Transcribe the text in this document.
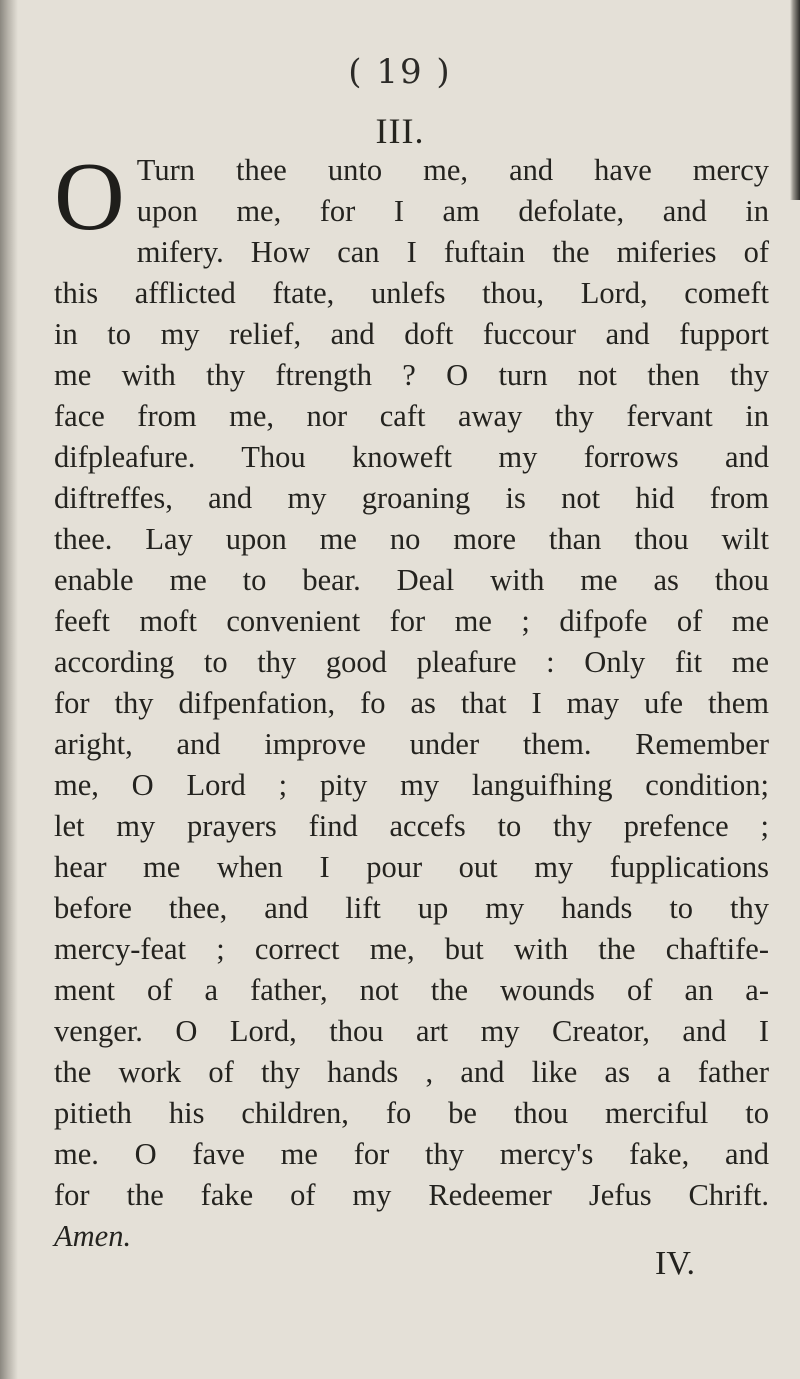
( 19 )
III.
O Turn thee unto me, and have mercy
upon me, for I am defolate, and in
mifery. How can I fuftain the miferies of
this afflicted ftate, unlefs thou, Lord, comeft
in to my relief, and doft fuccour and fupport
me with thy ftrength ? O turn not then thy
face from me, nor caft away thy fervant in
difpleafure. Thou knoweft my forrows and
diftreffes, and my groaning is not hid from
thee. Lay upon me no more than thou wilt
enable me to bear. Deal with me as thou
feeft moft convenient for me ; difpofe of me
according to thy good pleafure : Only fit me
for thy difpenfation, fo as that I may ufe them
aright, and improve under them. Remember
me, O Lord ; pity my languifhing condition;
let my prayers find accefs to thy prefence ;
hear me when I pour out my fupplications
before thee, and lift up my hands to thy
mercy-feat ; correct me, but with the chaftife-
ment of a father, not the wounds of an a-
venger. O Lord, thou art my Creator, and I
the work of thy hands , and like as a father
pitieth his children, fo be thou merciful to
me. O fave me for thy mercy's fake, and
for the fake of my Redeemer Jefus Chrift.
Amen.
IV.
